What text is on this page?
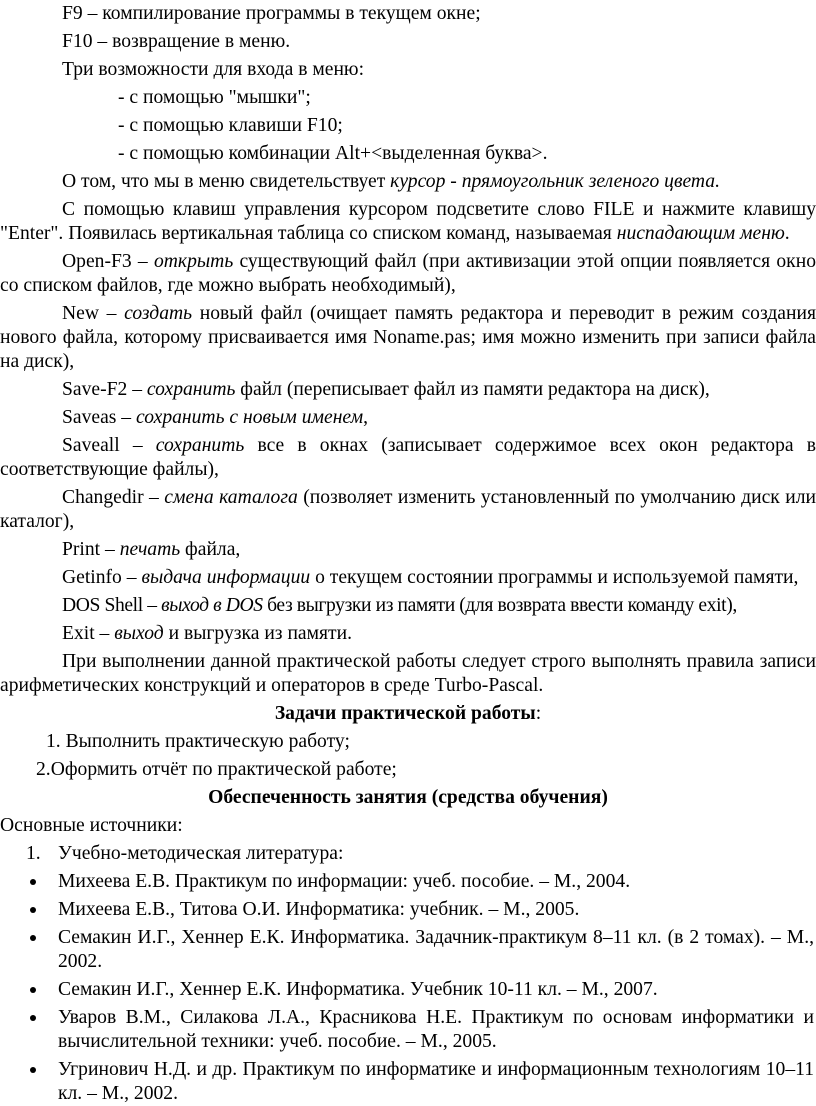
F9 – компилирование программы в текущем окне;

F10 – возвращение в меню.

Три возможности для входа в меню:

- с помощью "мышки";

- с помощью клавиши F10;

- с помощью комбинации Alt+<выделенная буква>.

О том, что мы в меню свидетельствует курсор - прямоугольник зеленого цвета.

С помощью клавиш управления курсором подсветите слово FILE и нажмите клавишу "Enter". Появилась вертикальная таблица со списком команд, называемая ниспадающим меню.

Open-F3 – открыть существующий файл (при активизации этой опции появляется окно со списком файлов, где можно выбрать необходимый),

New – создать новый файл (очищает память редактора и переводит в режим создания нового файла, которому присваивается имя Noname.pas; имя можно изменить при записи файла на диск),

Save-F2 – сохранить файл (переписывает файл из памяти редактора на диск),

Saveas – сохранить с новым именем,

Saveall – сохранить все в окнах (записывает содержимое всех окон редактора в соответствующие файлы),

Changedir – смена каталога (позволяет изменить установленный по умолчанию диск или каталог),

Print – печать файла,

Getinfo – выдача информации о текущем состоянии программы и используемой памяти,

DOS Shell – выход в DOS без выгрузки из памяти (для возврата ввести команду exit),

Exit – выход и выгрузка из памяти.

При выполнении данной практической работы следует строго выполнять правила записи арифметических конструкций и операторов в среде Turbo-Pascal.

Задачи практической работы:

1. Выполнить практическую работу;

2.Оформить отчёт по практической работе;

Обеспеченность занятия (средства обучения)

Основные источники:

1. Учебно-методическая литература:

Михеева Е.В. Практикум по информации: учеб. пособие. – М., 2004.
Михеева Е.В., Титова О.И. Информатика: учебник. – М., 2005.
Семакин И.Г., Хеннер Е.К. Информатика. Задачник-практикум 8–11 кл. (в 2 томах). – М., 2002.
Семакин И.Г., Хеннер Е.К. Информатика. Учебник 10-11 кл. – М., 2007.
Уваров В.М., Силакова Л.А., Красникова Н.Е. Практикум по основам информатики и вычислительной техники: учеб. пособие. – М., 2005.
Угринович Н.Д. и др. Практикум по информатике и информационным технологиям 10–11 кл. – М., 2002.
